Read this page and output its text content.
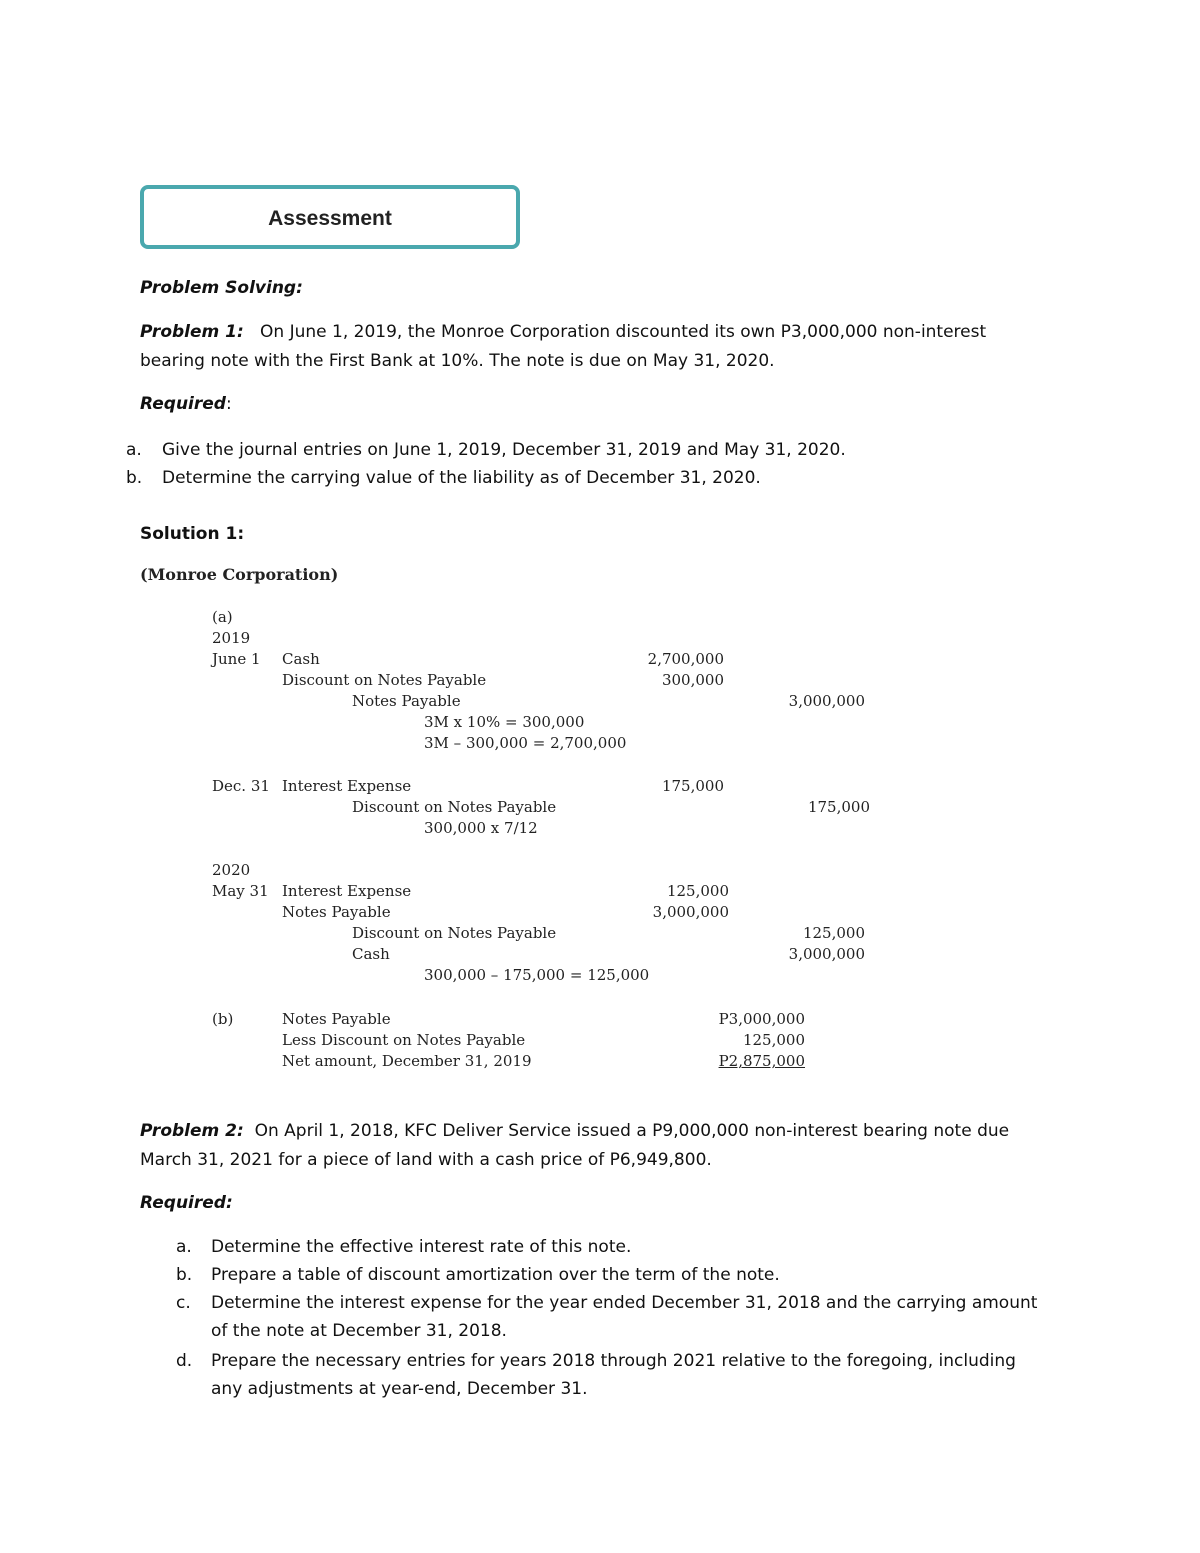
Assessment
Problem Solving:
Problem 1: On June 1, 2019, the Monroe Corporation discounted its own P3,000,000 non-interest
bearing note with the First Bank at 10%. The note is due on May 31, 2020.
Required:
a. Give the journal entries on June 1, 2019, December 31, 2019 and May 31, 2020.
b. Determine the carrying value of the liability as of December 31, 2020.
Solution 1:
(Monroe Corporation)
(a)
2019
June 1 Cash	2,700,000
Discount on Notes Payable	300,000
Notes Payable	3,000,000
3M x 10% = 300,000
3M – 300,000 = 2,700,000
Dec. 31 Interest Expense	175,000
Discount on Notes Payable	175,000
300,000 x 7/12
2020
May 31 Interest Expense	125,000
Notes Payable	3,000,000
Discount on Notes Payable	125,000
Cash	3,000,000
300,000 – 175,000 = 125,000
(b)	Notes Payable	P3,000,000
Less Discount on Notes Payable	125,000
Net amount, December 31, 2019	P2,875,000
Problem 2: On April 1, 2018, KFC Deliver Service issued a P9,000,000 non-interest bearing note due
March 31, 2021 for a piece of land with a cash price of P6,949,800.
Required:
a. Determine the effective interest rate of this note.
b. Prepare a table of discount amortization over the term of the note.
c. Determine the interest expense for the year ended December 31, 2018 and the carrying amount
of the note at December 31, 2018.
d. Prepare the necessary entries for years 2018 through 2021 relative to the foregoing, including
any adjustments at year-end, December 31.
